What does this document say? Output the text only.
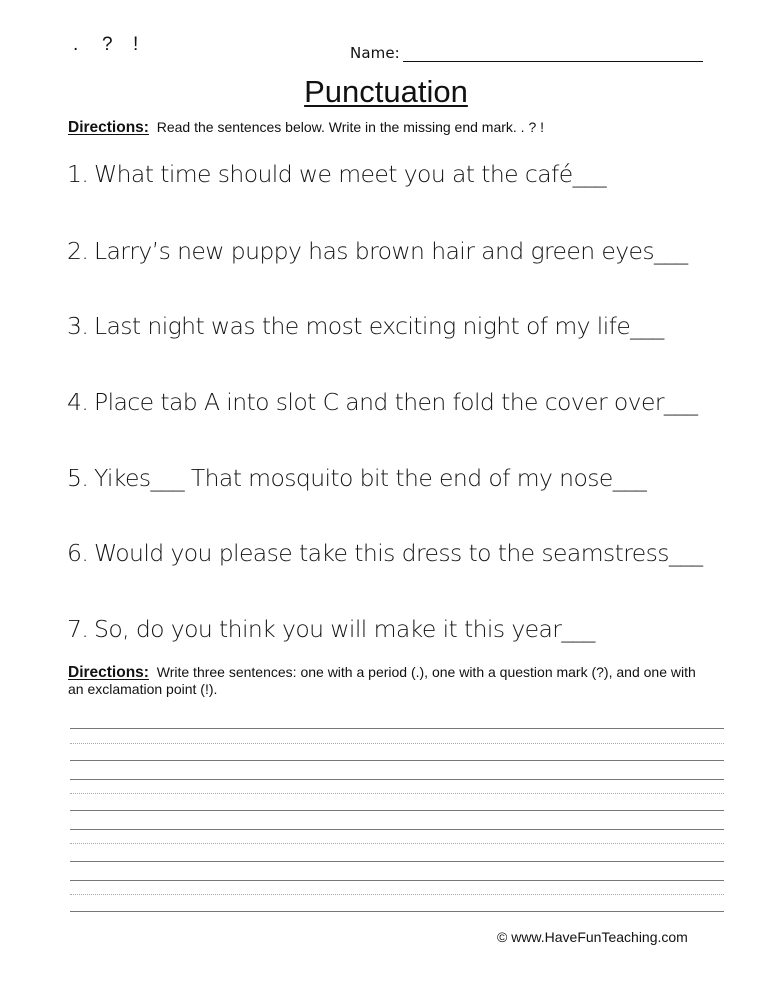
. ? !	Name:
Punctuation
Directions: Read the sentences below. Write in the missing end mark. . ? !
1. What time should we meet you at the café___
2. Larry’s new puppy has brown hair and green eyes___
3. Last night was the most exciting night of my life___
4. Place tab A into slot C and then fold the cover over___
5. Yikes___ That mosquito bit the end of my nose___
6. Would you please take this dress to the seamstress___
7. So, do you think you will make it this year___
Directions: Write three sentences: one with a period (.), one with a question mark (?), and one with an exclamation point (!).
© www.HaveFunTeaching.com
